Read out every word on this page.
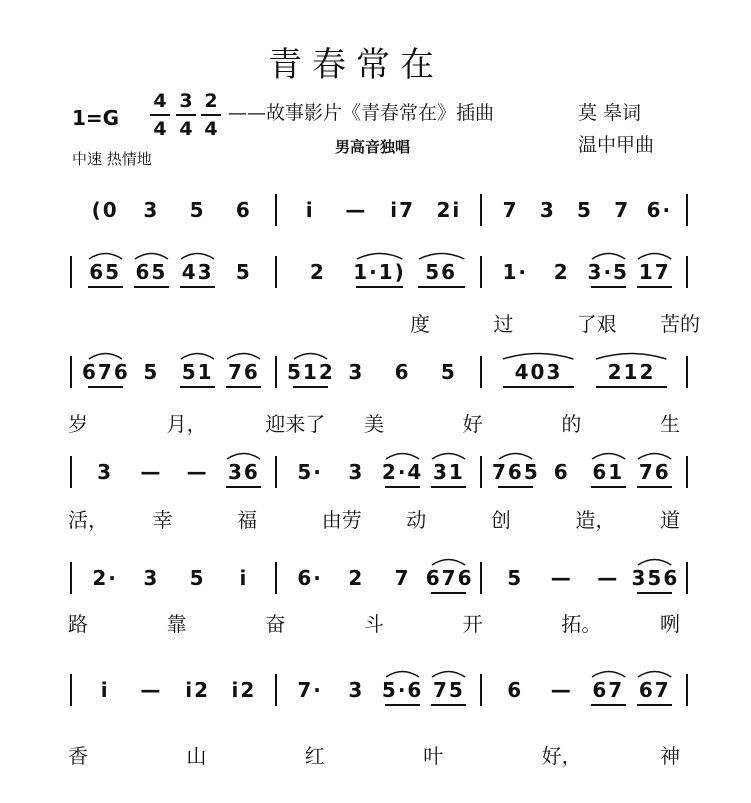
青春常在
1=G
4
4
3
4
2
4
——故事影片《青春常在》插曲	莫 皋词
温中甲曲
男高音独唱
中速 热情地
(0	3	5	6	i	—	i7	2i	7	3	5	7 6·
65 65 43	5	2	1·1) 56	1·	2 3·5 17
度	过	了艰 苦的
676 5	51 76	512 3	6	5	403	212
岁	月，	迎来了 美	好	的	生
3	—	— 36	5·	3 2·4 31	765 6	61 76
活， 幸	福	由劳 动	创	造， 道
2·	3	5	i	6·	2	7 676	5	—	— 356
路	靠	奋	斗	开	拓。	咧
i	—	i2	i2	7·	3 5·6 75	6	— 67 67
香	山	红	叶	好，	神
